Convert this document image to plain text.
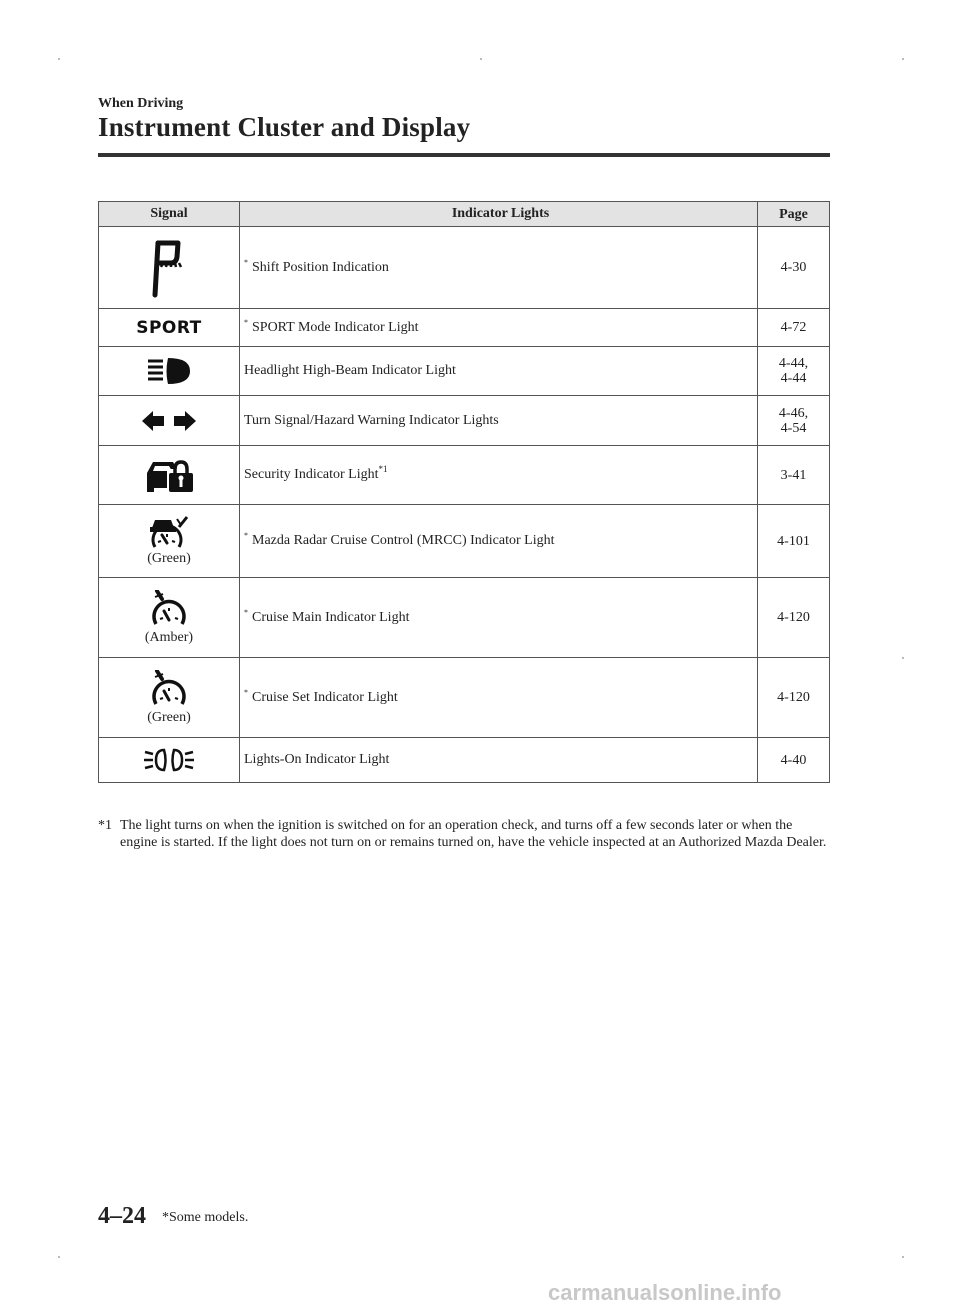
When Driving
Instrument Cluster and Display
Signal	Indicator Lights	Page

	* Shift Position Indication	4-30

SPORT	* SPORT Mode Indicator Light	4-72

	Headlight High-Beam Indicator Light	4-44,
4-44

	Turn Signal/Hazard Warning Indicator Lights	4-46,
4-54

	Security Indicator Light$^{*1}$	3-41

(Green)	* Mazda Radar Cruise Control (MRCC) Indicator Light	4-101

(Amber)	* Cruise Main Indicator Light	4-120

(Green)	* Cruise Set Indicator Light	4-120

	Lights-On Indicator Light	4-40
*1 The light turns on when the ignition is switched on for an operation check, and turns off a few seconds later or when the engine is started. If the light does not turn on or remains turned on, have the vehicle inspected at an Authorized Mazda Dealer.
4–24 *Some models.
carmanualsonline.info
